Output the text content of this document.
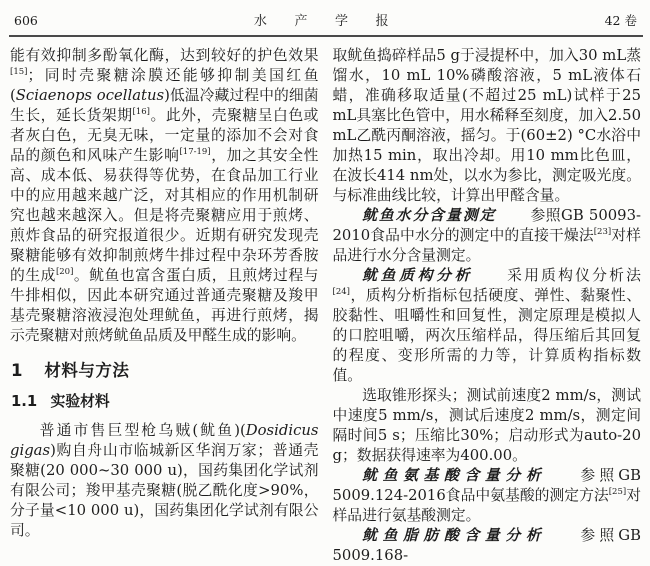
606	水 产 学 报	42 卷

能有效抑制多酚氧化酶，达到较好的护色效果[15]；同时壳聚糖涂膜还能够抑制美国红鱼(Sciaenops ocellatus)低温冷藏过程中的细菌生长，延长货架期[16]。此外，壳聚糖呈白色或者灰白色，无臭无味，一定量的添加不会对食品的颜色和风味产生影响[17-19]，加之其安全性高、成本低、易获得等优势，在食品加工行业中的应用越来越广泛，对其相应的作用机制研究也越来越深入。但是将壳聚糖应用于煎烤、煎炸食品的研究报道很少。近期有研究发现壳聚糖能够有效抑制煎烤牛排过程中杂环芳香胺的生成[20]。鱿鱼也富含蛋白质，且煎烤过程与牛排相似，因此本研究通过普通壳聚糖及羧甲基壳聚糖溶液浸泡处理鱿鱼，再进行煎烤，揭示壳聚糖对煎烤鱿鱼品质及甲醛生成的影响。

1 材料与方法
1.1 实验材料

普通市售巨型枪乌贼(鱿鱼)(Dosidicus gigas)购自舟山市临城新区华润万家；普通壳聚糖(20 000~30 000 u)，国药集团化学试剂有限公司；羧甲基壳聚糖(脱乙酰化度>90%，分子量<10 000 u)，国药集团化学试剂有限公司。

取鱿鱼捣碎样品5 g于浸提杯中，加入30 mL蒸馏水，10 mL 10%磷酸溶液，5 mL液体石蜡，准确移取适量(不超过25 mL)试样于25 mL具塞比色管中，用水稀释至刻度，加入2.50 mL乙酰丙酮溶液，摇匀。于(60±2) °C水浴中加热15 min，取出冷却。用10 mm比色皿，在波长414 nm处，以水为参比，测定吸光度。与标准曲线比较，计算出甲醛含量。

鱿鱼水分含量测定 参照GB 50093-2010食品中水分的测定中的直接干燥法[23]对样品进行水分含量测定。

鱿鱼质构分析 采用质构仪分析法[24]，质构分析指标包括硬度、弹性、黏聚性、胶黏性、咀嚼性和回复性，测定原理是模拟人的口腔咀嚼，两次压缩样品，得压缩后其回复的程度、变形所需的力等，计算质构指标数值。

选取锥形探头；测试前速度2 mm/s，测试中速度5 mm/s，测试后速度2 mm/s，测定间隔时间5 s；压缩比30%；启动形式为auto-20 g；数据获得速率为400.00。

鱿鱼氨基酸含量分析 参照GB 5009.124-2016食品中氨基酸的测定方法[25]对样品进行氨基酸测定。

鱿鱼脂肪酸含量分析 参照GB 5009.168-
